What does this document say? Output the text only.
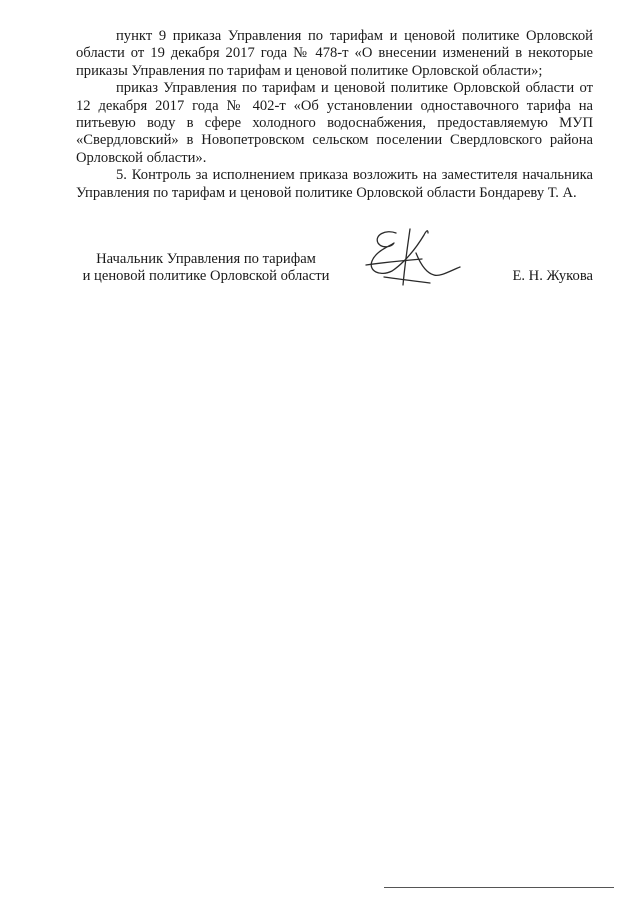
пункт 9 приказа Управления по тарифам и ценовой политике Орловской области от 19 декабря 2017 года № 478-т «О внесении изменений в некоторые приказы Управления по тарифам и ценовой политике Орловской области»;

приказ Управления по тарифам и ценовой политике Орловской области от 12 декабря 2017 года № 402-т «Об установлении одноставочного тарифа на питьевую воду в сфере холодного водоснабжения, предоставляемую МУП «Свердловский» в Новопетровском сельском поселении Свердловского района Орловской области».

5. Контроль за исполнением приказа возложить на заместителя начальника Управления по тарифам и ценовой политике Орловской области Бондареву Т. А.

Начальник Управления по тарифам
и ценовой политике Орловской области	Е. Н. Жукова
